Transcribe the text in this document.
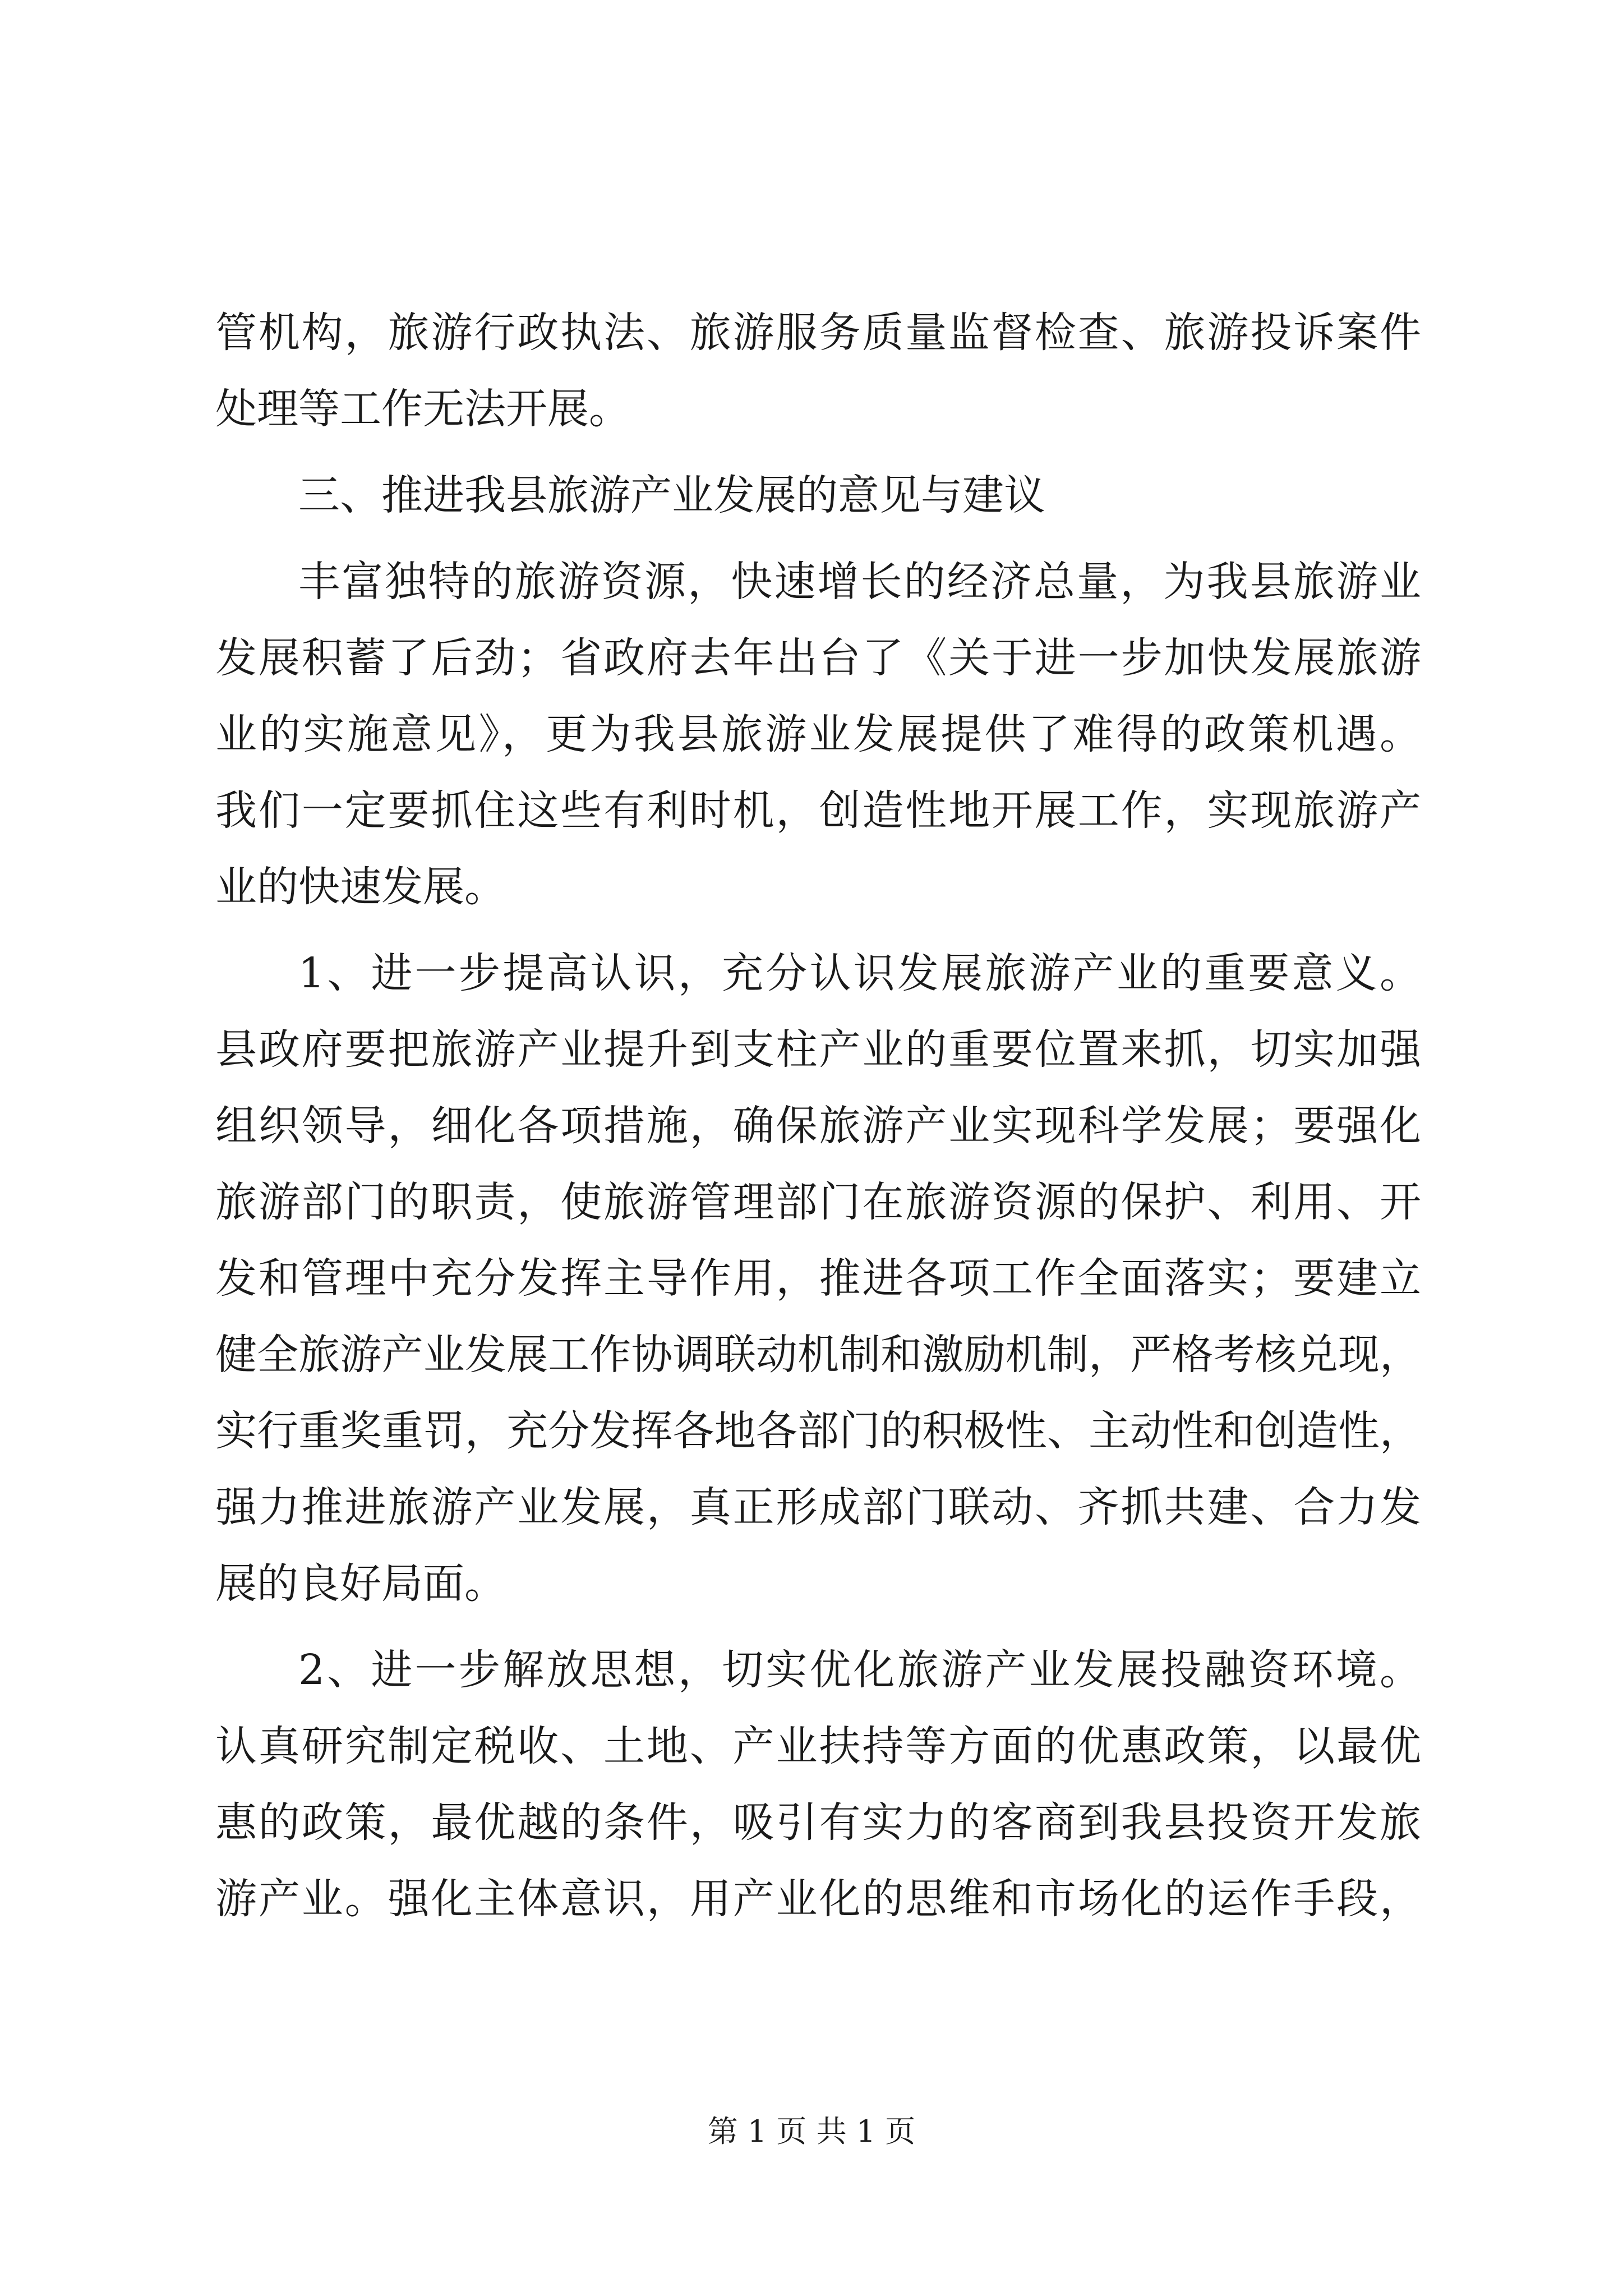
管机构，旅游行政执法、旅游服务质量监督检查、旅游投诉案件
处理等工作无法开展。
三、推进我县旅游产业发展的意见与建议
丰富独特的旅游资源，快速增长的经济总量，为我县旅游业
发展积蓄了后劲；省政府去年出台了《关于进一步加快发展旅游
业的实施意见》，更为我县旅游业发展提供了难得的政策机遇。
我们一定要抓住这些有利时机，创造性地开展工作，实现旅游产
业的快速发展。
1、进一步提高认识，充分认识发展旅游产业的重要意义。
县政府要把旅游产业提升到支柱产业的重要位置来抓，切实加强
组织领导，细化各项措施，确保旅游产业实现科学发展；要强化
旅游部门的职责，使旅游管理部门在旅游资源的保护、利用、开
发和管理中充分发挥主导作用，推进各项工作全面落实；要建立
健全旅游产业发展工作协调联动机制和激励机制，严格考核兑现，
实行重奖重罚，充分发挥各地各部门的积极性、主动性和创造性，
强力推进旅游产业发展，真正形成部门联动、齐抓共建、合力发
展的良好局面。
2、进一步解放思想，切实优化旅游产业发展投融资环境。
认真研究制定税收、土地、产业扶持等方面的优惠政策，以最优
惠的政策，最优越的条件，吸引有实力的客商到我县投资开发旅
游产业。强化主体意识，用产业化的思维和市场化的运作手段，
第 1 页 共 1 页
